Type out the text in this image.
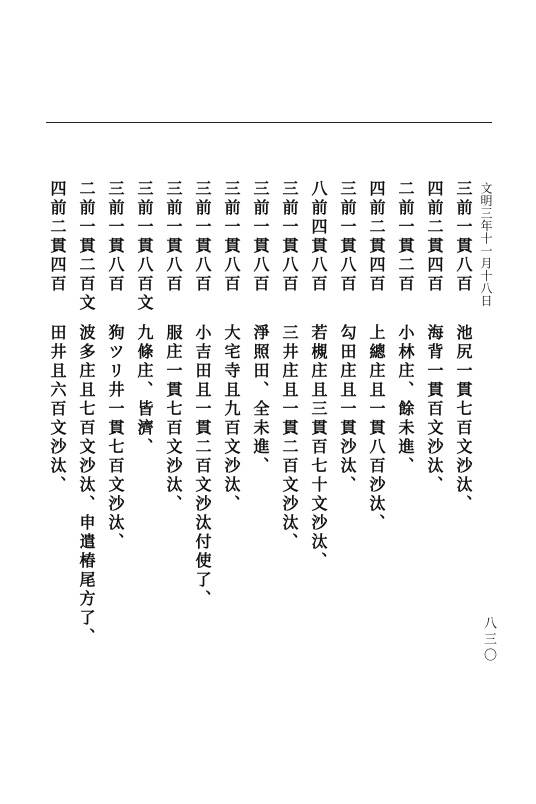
文明三年十一月十八日
八三〇
三前一貫八百
池尻一貫七百文沙汰、
四前二貫四百
海背一貫百文沙汰、
二前一貫二百
小林庄、餘未進、
四前二貫四百
上總庄且一貫八百沙汰、
三前一貫八百
勾田庄且一貫沙汰、
八前四貫八百
若槻庄且三貫百七十文沙汰、
三前一貫八百
三井庄且一貫二百文沙汰、
三前一貫八百
淨照田、全未進、
三前一貫八百
大宅寺且九百文沙汰、
三前一貫八百
小吉田且一貫二百文沙汰付使了、
三前一貫八百
服庄一貫七百文沙汰、
三前一貫八百文
九條庄、皆濟、
三前一貫八百
狗ツリ井一貫七百文沙汰、
二前一貫二百文
波多庄且七百文沙汰、申遣椿尾方了、
四前二貫四百
田井且六百文沙汰、
